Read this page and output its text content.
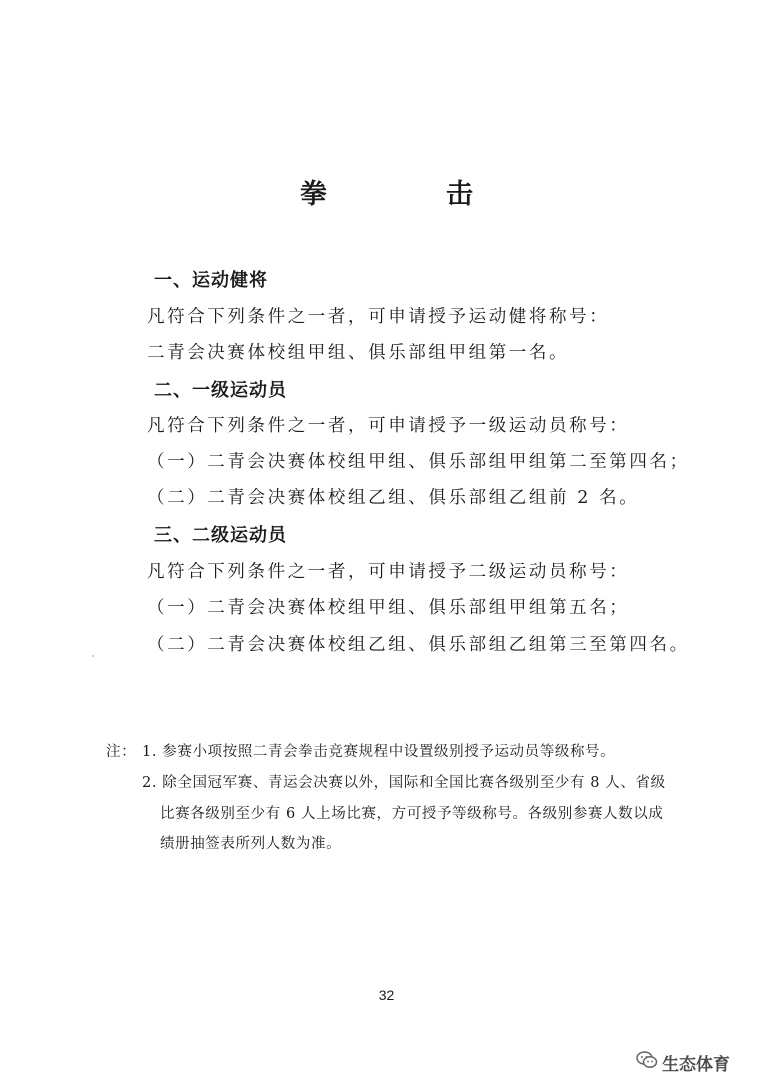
拳　击
一、运动健将
凡符合下列条件之一者，可申请授予运动健将称号：
二青会决赛体校组甲组、俱乐部组甲组第一名。
二、一级运动员
凡符合下列条件之一者，可申请授予一级运动员称号：
（一）二青会决赛体校组甲组、俱乐部组甲组第二至第四名；
（二）二青会决赛体校组乙组、俱乐部组乙组前 2 名。
三、二级运动员
凡符合下列条件之一者，可申请授予二级运动员称号：
（一）二青会决赛体校组甲组、俱乐部组甲组第五名；
（二）二青会决赛体校组乙组、俱乐部组乙组第三至第四名。
注： 1. 参赛小项按照二青会拳击竞赛规程中设置级别授予运动员等级称号。
2. 除全国冠军赛、青运会决赛以外，国际和全国比赛各级别至少有 8 人、省级
比赛各级别至少有 6 人上场比赛，方可授予等级称号。各级别参赛人数以成
绩册抽签表所列人数为准。
32
生态体育
